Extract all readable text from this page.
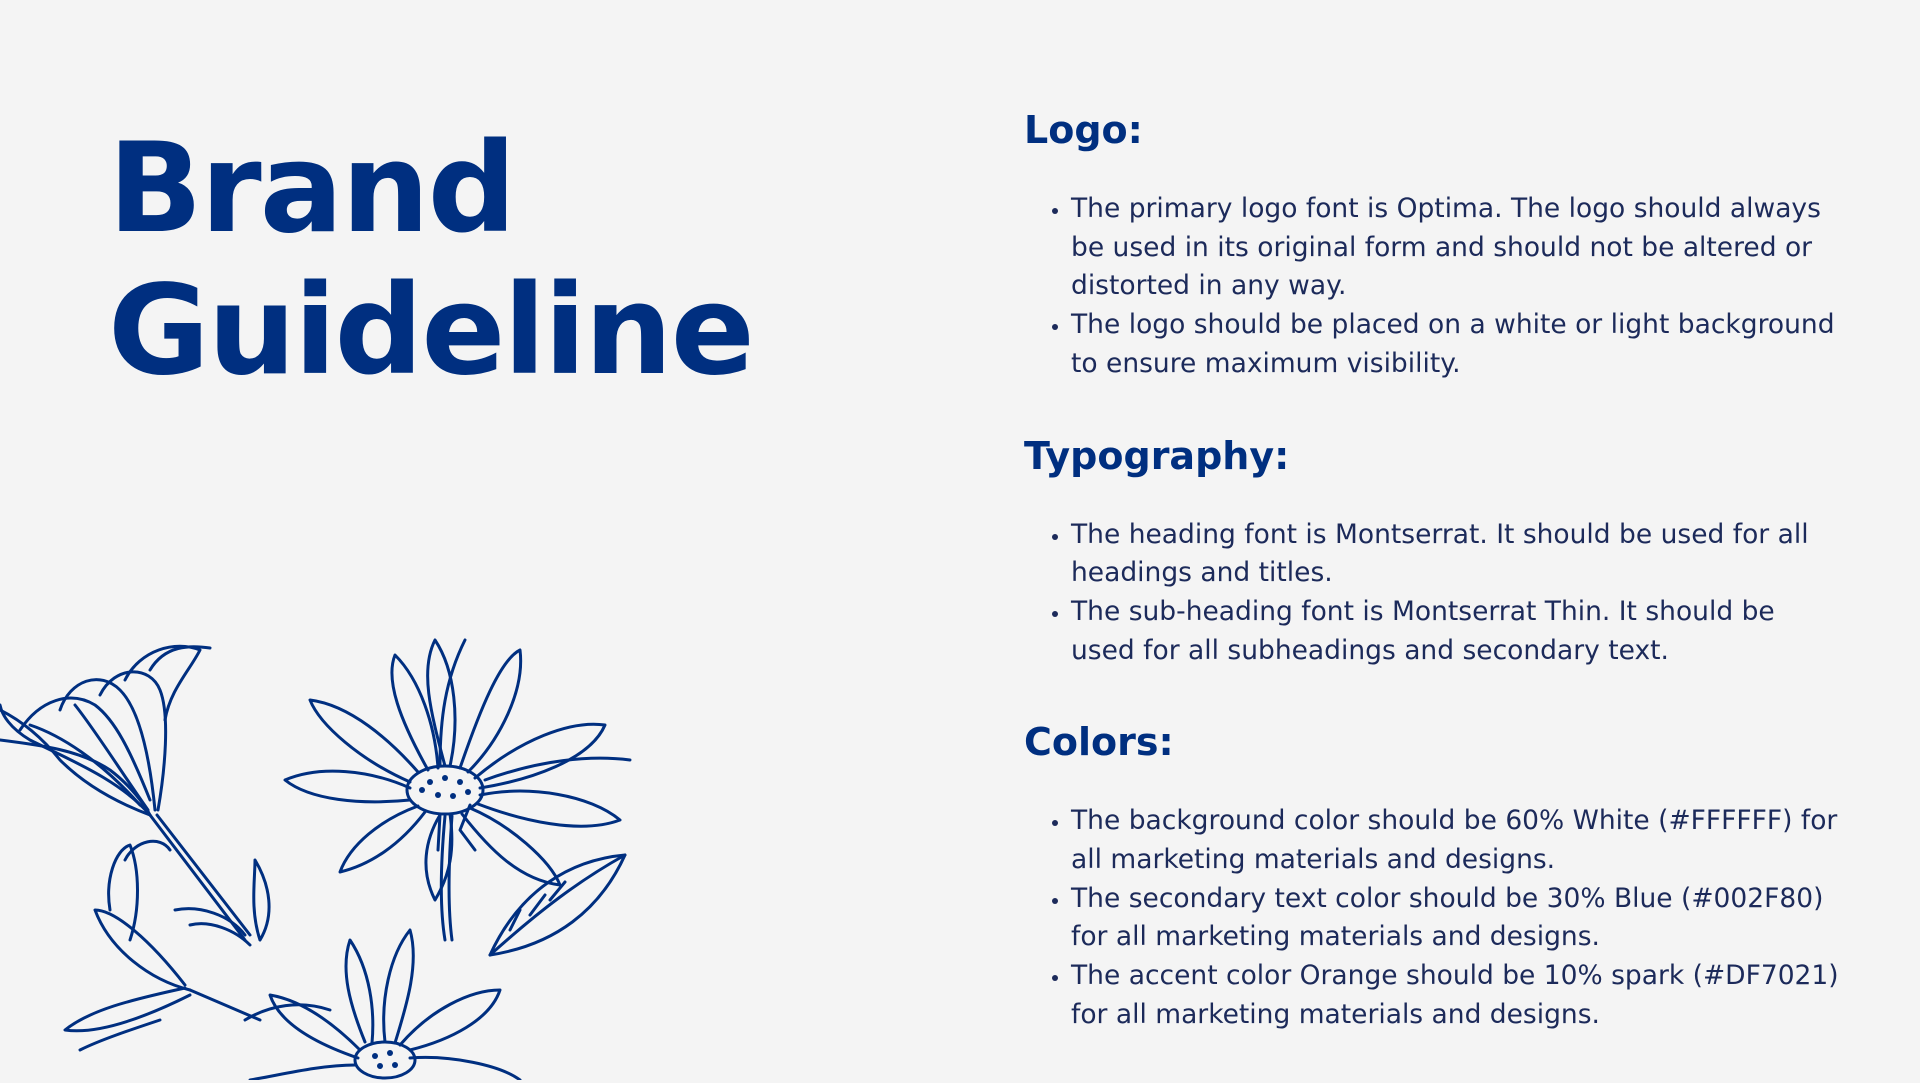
Brand
Guideline
Logo:
• The primary logo font is Optima. The logo should always be used in its original form and should not be altered or distorted in any way.
• The logo should be placed on a white or light background to ensure maximum visibility.
Typography:
• The heading font is Montserrat. It should be used for all headings and titles.
• The sub-heading font is Montserrat Thin. It should be used for all subheadings and secondary text.
Colors:
• The background color should be 60% White (#FFFFFF) for all marketing materials and designs.
• The secondary text color should be 30% Blue (#002F80) for all marketing materials and designs.
• The accent color Orange should be 10% spark (#DF7021) for all marketing materials and designs.
